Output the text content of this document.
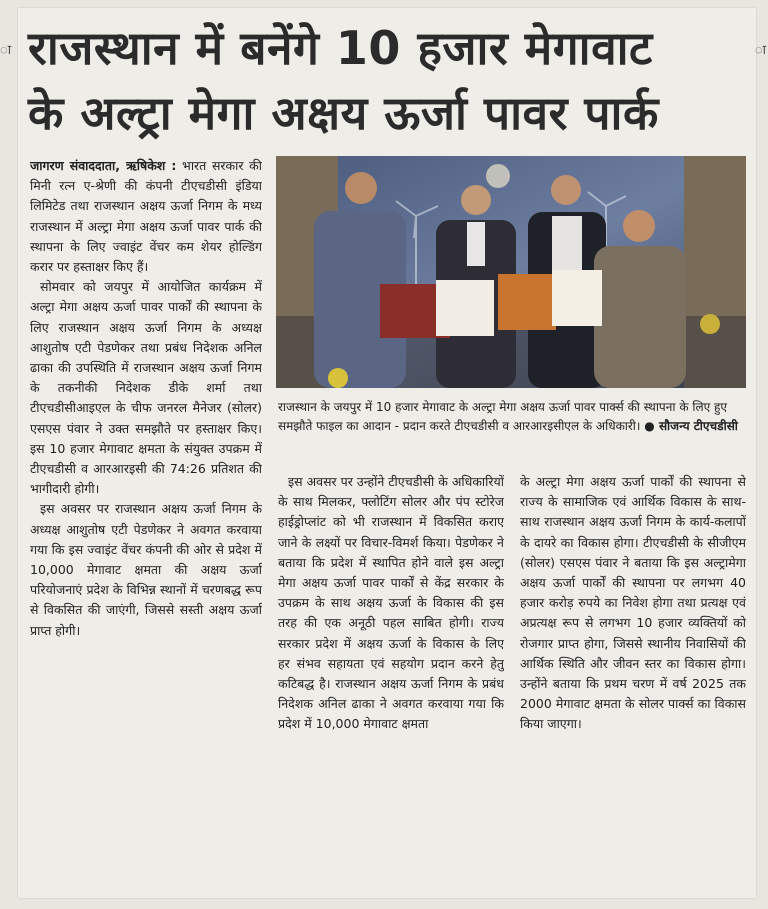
ा	ा
राजस्थान में बनेंगे 10 हजार मेगावाट
के अल्ट्रा मेगा अक्षय ऊर्जा पावर पार्क

जागरण संवाददाता, ऋषिकेश : भारत सरकार की मिनी रत्न ए-श्रेणी की कंपनी टीएचडीसी इंडिया लिमिटेड तथा राजस्थान अक्षय ऊर्जा निगम के मध्य राजस्थान में अल्ट्रा मेगा अक्षय ऊर्जा पावर पार्क की स्थापना के लिए ज्वाइंट वेंचर कम शेयर होल्डिंग करार पर हस्ताक्षर किए हैं।

सोमवार को जयपुर में आयोजित कार्यक्रम में अल्ट्रा मेगा अक्षय ऊर्जा पावर पार्कों की स्थापना के लिए राजस्थान अक्षय ऊर्जा निगम के अध्यक्ष आशुतोष एटी पेडणेकर तथा प्रबंध निदेशक अनिल ढाका की उपस्थिति में राजस्थान अक्षय ऊर्जा निगम के तकनीकी निदेशक डीके शर्मा तथा टीएचडीसीआइएल के चीफ जनरल मैनेजर (सोलर) एसएस पंवार ने उक्त समझौते पर हस्ताक्षर किए। इस 10 हजार मेगावाट क्षमता के संयुक्त उपक्रम में टीएचडीसी व आरआरइसी की 74:26 प्रतिशत की भागीदारी होगी।

इस अवसर पर राजस्थान अक्षय ऊर्जा निगम के अध्यक्ष आशुतोष एटी पेडणेकर ने अवगत करवाया गया कि इस ज्वाइंट वेंचर कंपनी की ओर से प्रदेश में 10,000 मेगावाट क्षमता की अक्षय ऊर्जा परियोजनाएं प्रदेश के विभिन्न स्थानों में चरणबद्ध रूप से विकसित की जाएंगी, जिससे सस्ती अक्षय ऊर्जा प्राप्त होगी।

राजस्थान के जयपुर में 10 हजार मेगावाट के अल्ट्रा मेगा अक्षय ऊर्जा पावर पार्क्स की स्थापना के लिए हुए समझौते फाइल का आदान - प्रदान करते टीएचडीसी व आरआरइसीएल के अधिकारी। ● सौजन्य टीएचडीसी

इस अवसर पर उन्होंने टीएचडीसी के अधिकारियों के साथ मिलकर, फ्लोटिंग सोलर और पंप स्टोरेज हाईड्रोप्लांट को भी राजस्थान में विकसित कराए जाने के लक्ष्यों पर विचार-विमर्श किया। पेडणेकर ने बताया कि प्रदेश में स्थापित होने वाले इस अल्ट्रा मेगा अक्षय ऊर्जा पावर पार्कों से केंद्र सरकार के उपक्रम के साथ अक्षय ऊर्जा के विकास की इस तरह की एक अनूठी पहल साबित होगी। राज्य सरकार प्रदेश में अक्षय ऊर्जा के विकास के लिए हर संभव सहायता एवं सहयोग प्रदान करने हेतु कटिबद्ध है। राजस्थान अक्षय ऊर्जा निगम के प्रबंध निदेशक अनिल ढाका ने अवगत करवाया गया कि प्रदेश में 10,000 मेगावाट क्षमता

के अल्ट्रा मेगा अक्षय ऊर्जा पार्कों की स्थापना से राज्य के सामाजिक एवं आर्थिक विकास के साथ-साथ राजस्थान अक्षय ऊर्जा निगम के कार्य-कलापों के दायरे का विकास होगा। टीएचडीसी के सीजीएम (सोलर) एसएस पंवार ने बताया कि इस अल्ट्रामेगा अक्षय ऊर्जा पार्कों की स्थापना पर लगभग 40 हजार करोड़ रुपये का निवेश होगा तथा प्रत्यक्ष एवं अप्रत्यक्ष रूप से लगभग 10 हजार व्यक्तियों को रोजगार प्राप्त होगा, जिससे स्थानीय निवासियों की आर्थिक स्थिति और जीवन स्तर का विकास होगा। उन्होंने बताया कि प्रथम चरण में वर्ष 2025 तक 2000 मेगावाट क्षमता के सोलर पार्क्स का विकास किया जाएगा।
